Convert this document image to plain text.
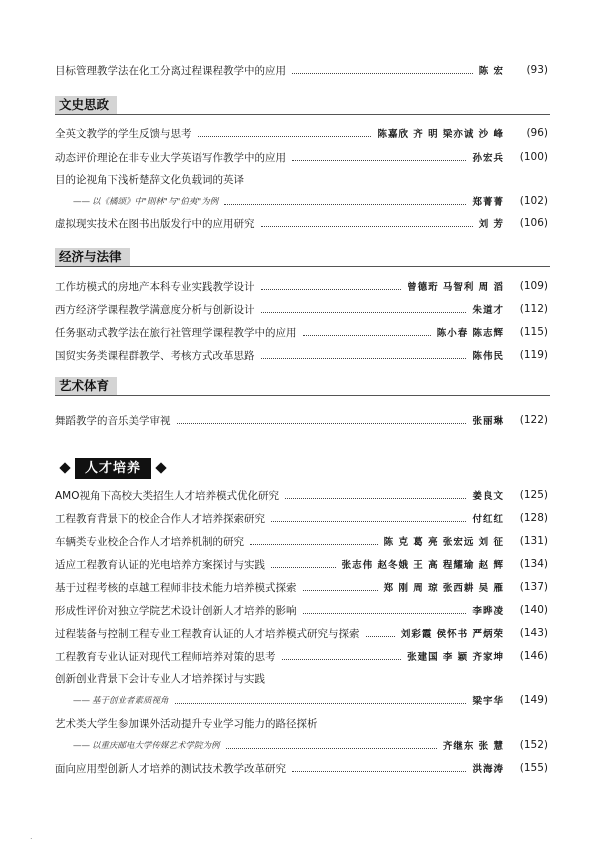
目标管理教学法在化工分离过程课程教学中的应用	陈 宏	(93)
文史思政
全英文教学的学生反馈与思考	陈嘉欣 齐 明 梁亦诚 沙 峰	(96)
动态评价理论在非专业大学英语写作教学中的应用	孙宏兵	(100)
目的论视角下浅析楚辞文化负载词的英译
—— 以《橘颂》中"則林"与"伯夷"为例	郑菁菁	(102)
虚拟现实技术在图书出版发行中的应用研究	刘 芳	(106)
经济与法律
工作坊模式的房地产本科专业实践教学设计	曾德珩 马智利 周 滔	(109)
西方经济学课程教学满意度分析与创新设计	朱道才	(112)
任务驱动式教学法在旅行社管理学课程教学中的应用	陈小春 陈志辉	(115)
国贸实务类课程群教学、考核方式改革思路	陈伟民	(119)
艺术体育
舞蹈教学的音乐美学审视	张丽琳	(122)
人才培养
AMO视角下高校大类招生人才培养模式优化研究	姜良文	(125)
工程教育背景下的校企合作人才培养探索研究	付红红	(128)
车辆类专业校企合作人才培养机制的研究	陈 克 葛 亮 张宏远 刘 征	(131)
适应工程教育认证的光电培养方案探讨与实践	张志伟 赵冬娥 王 高 程耀瑜 赵 辉	(134)
基于过程考核的卓越工程师非技术能力培养模式探索	郑 刚 周 琼 张西耕 吴 雁	(137)
形成性评价对独立学院艺术设计创新人才培养的影响	李晔凌	(140)
过程装备与控制工程专业工程教育认证的人才培养模式研究与探索	刘彩霞 侯怀书 严炳荣	(143)
工程教育专业认证对现代工程师培养对策的思考	张建国 李 颖 齐家坤	(146)
创新创业背景下会计专业人才培养探讨与实践
—— 基于创业者素质视角	梁宇华	(149)
艺术类大学生参加课外活动提升专业学习能力的路径探析
—— 以重庆邮电大学传媒艺术学院为例	齐继东 张 慧	(152)
面向应用型创新人才培养的测试技术教学改革研究	洪海涛	(155)
.
